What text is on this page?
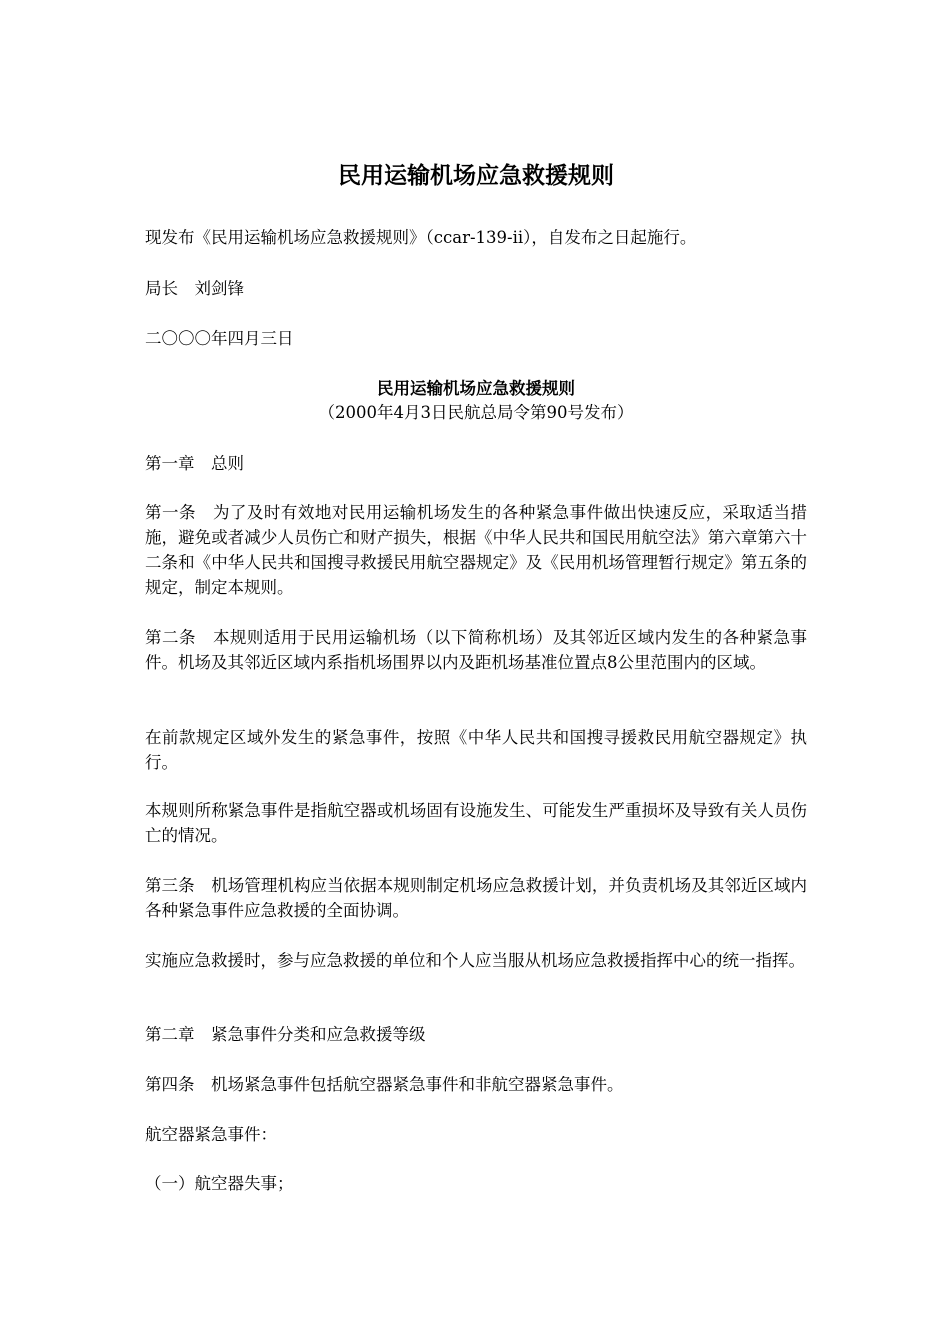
民用运输机场应急救援规则
现发布《民用运输机场应急救援规则》（ccar-139-ii），自发布之日起施行。
局长　刘剑锋
二〇〇〇年四月三日
民用运输机场应急救援规则
（2000年4月3日民航总局令第90号发布）
第一章　总则
第一条　为了及时有效地对民用运输机场发生的各种紧急事件做出快速反应，采取适当措施，避免或者减少人员伤亡和财产损失，根据《中华人民共和国民用航空法》第六章第六十二条和《中华人民共和国搜寻救援民用航空器规定》及《民用机场管理暂行规定》第五条的规定，制定本规则。
第二条　本规则适用于民用运输机场（以下简称机场）及其邻近区域内发生的各种紧急事件。机场及其邻近区域内系指机场围界以内及距机场基准位置点8公里范围内的区域。
在前款规定区域外发生的紧急事件，按照《中华人民共和国搜寻援救民用航空器规定》执行。
本规则所称紧急事件是指航空器或机场固有设施发生、可能发生严重损坏及导致有关人员伤亡的情况。
第三条　机场管理机构应当依据本规则制定机场应急救援计划，并负责机场及其邻近区域内各种紧急事件应急救援的全面协调。
实施应急救援时，参与应急救援的单位和个人应当服从机场应急救援指挥中心的统一指挥。
第二章　紧急事件分类和应急救援等级
第四条　机场紧急事件包括航空器紧急事件和非航空器紧急事件。
航空器紧急事件：
（一）航空器失事；
